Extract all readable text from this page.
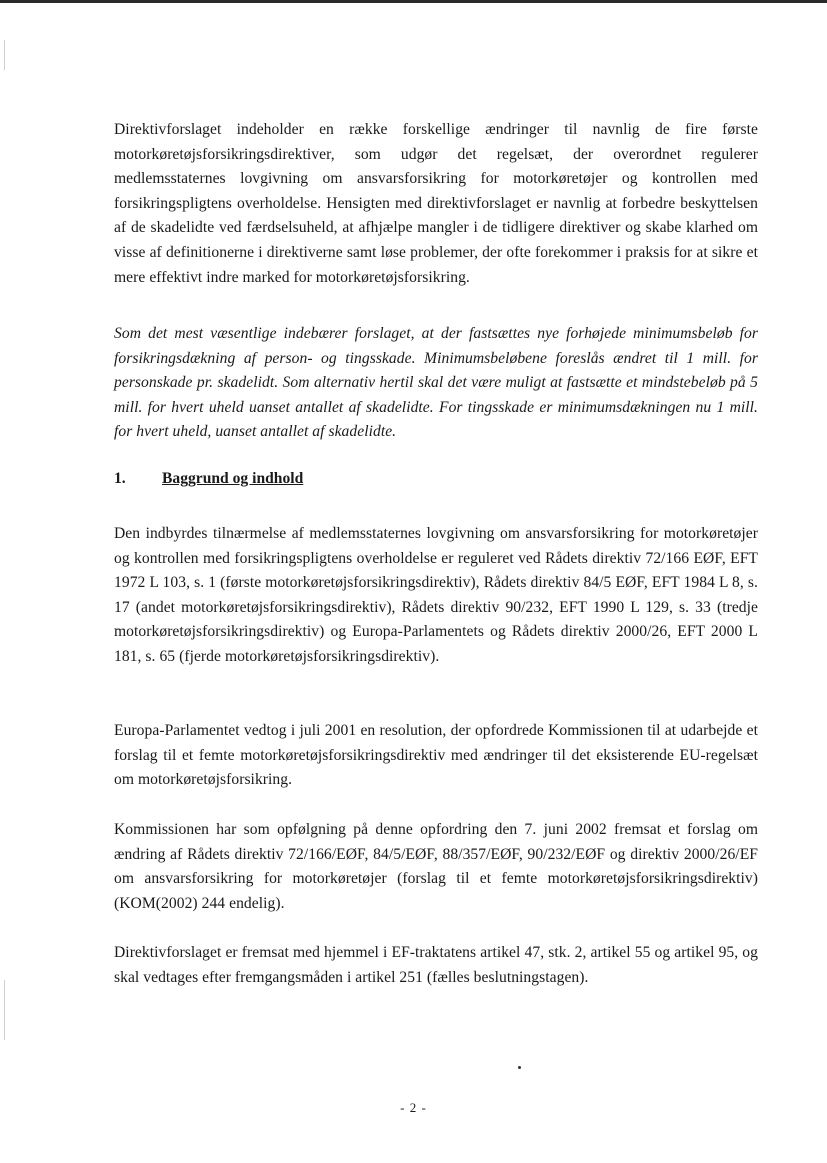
Direktivforslaget indeholder en række forskellige ændringer til navnlig de fire første motorkøretøjsforsikringsdirektiver, som udgør det regelsæt, der overordnet regulerer medlemsstaternes lovgivning om ansvarsforsikring for motorkøretøjer og kontrollen med forsikringspligtens overholdelse. Hensigten med direktivforslaget er navnlig at forbedre beskyttelsen af de skadelidte ved færdselsuheld, at afhjælpe mangler i de tidligere direktiver og skabe klarhed om visse af definitionerne i direktiverne samt løse problemer, der ofte forekommer i praksis for at sikre et mere effektivt indre marked for motorkøretøjsforsikring.

Som det mest væsentlige indebærer forslaget, at der fastsættes nye forhøjede minimumsbeløb for forsikringsdækning af person- og tingsskade. Minimumsbeløbene foreslås ændret til 1 mill. for personskade pr. skadelidt. Som alternativ hertil skal det være muligt at fastsætte et mindstebeløb på 5 mill. for hvert uheld uanset antallet af skadelidte. For tingsskade er minimumsdækningen nu 1 mill. for hvert uheld, uanset antallet af skadelidte.

1. Baggrund og indhold

Den indbyrdes tilnærmelse af medlemsstaternes lovgivning om ansvarsforsikring for motorkøretøjer og kontrollen med forsikringspligtens overholdelse er reguleret ved Rådets direktiv 72/166 EØF, EFT 1972 L 103, s. 1 (første motorkøretøjsforsikringsdirektiv), Rådets direktiv 84/5 EØF, EFT 1984 L 8, s. 17 (andet motorkøretøjsforsikringsdirektiv), Rådets direktiv 90/232, EFT 1990 L 129, s. 33 (tredje motorkøretøjsforsikringsdirektiv) og Europa-Parlamentets og Rådets direktiv 2000/26, EFT 2000 L 181, s. 65 (fjerde motorkøretøjsforsikringsdirektiv).

Europa-Parlamentet vedtog i juli 2001 en resolution, der opfordrede Kommissionen til at udarbejde et forslag til et femte motorkøretøjsforsikringsdirektiv med ændringer til det eksisterende EU-regelsæt om motorkøretøjsforsikring.

Kommissionen har som opfølgning på denne opfordring den 7. juni 2002 fremsat et forslag om ændring af Rådets direktiv 72/166/EØF, 84/5/EØF, 88/357/EØF, 90/232/EØF og direktiv 2000/26/EF om ansvarsforsikring for motorkøretøjer (forslag til et femte motorkøretøjsforsikringsdirektiv) (KOM(2002) 244 endelig).

Direktivforslaget er fremsat med hjemmel i EF-traktatens artikel 47, stk. 2, artikel 55 og artikel 95, og skal vedtages efter fremgangsmåden i artikel 251 (fælles beslutningstagen).

- 2 -
